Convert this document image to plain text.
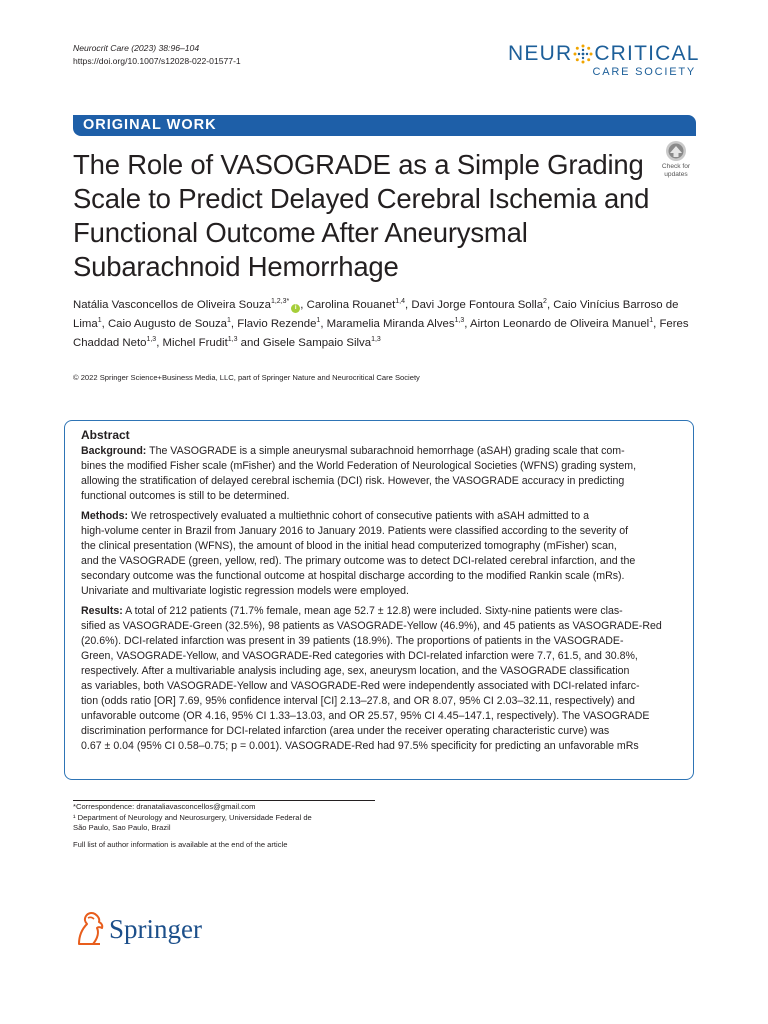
Neurocrit Care (2023) 38:96–104
https://doi.org/10.1007/s12028-022-01577-1	NEUR CRITICAL
CARE SOCIETY
ORIGINAL WORK
The Role of VASOGRADE as a Simple Grading Scale to Predict Delayed Cerebral Ischemia and Functional Outcome After Aneurysmal Subarachnoid Hemorrhage
Check for
updates
Natália Vasconcellos de Oliveira Souza$^{1,2,3*}$i , Carolina Rouanet$^{1,4}$, Davi Jorge Fontoura Solla$^2$, Caio Vinícius Barroso de Lima$^1$, Caio Augusto de Souza$^1$, Flavio Rezende$^1$, Maramelia Miranda Alves$^{1,3}$, Airton Leonardo de Oliveira Manuel$^1$, Feres Chaddad Neto$^{1,3}$, Michel Frudit$^{1,3}$ and Gisele Sampaio Silva$^{1,3}$
© 2022 Springer Science+Business Media, LLC, part of Springer Nature and Neurocritical Care Society
Abstract
Background: The VASOGRADE is a simple aneurysmal subarachnoid hemorrhage (aSAH) grading scale that com-
bines the modified Fisher scale (mFisher) and the World Federation of Neurological Societies (WFNS) grading system,
allowing the stratification of delayed cerebral ischemia (DCI) risk. However, the VASOGRADE accuracy in predicting
functional outcomes is still to be determined.
Methods: We retrospectively evaluated a multiethnic cohort of consecutive patients with aSAH admitted to a
high-volume center in Brazil from January 2016 to January 2019. Patients were classified according to the severity of
the clinical presentation (WFNS), the amount of blood in the initial head computerized tomography (mFisher) scan,
and the VASOGRADE (green, yellow, red). The primary outcome was to detect DCI-related cerebral infarction, and the
secondary outcome was the functional outcome at hospital discharge according to the modified Rankin scale (mRs).
Univariate and multivariate logistic regression models were employed.
Results: A total of 212 patients (71.7% female, mean age 52.7 ± 12.8) were included. Sixty-nine patients were clas-
sified as VASOGRADE-Green (32.5%), 98 patients as VASOGRADE-Yellow (46.9%), and 45 patients as VASOGRADE-Red
(20.6%). DCI-related infarction was present in 39 patients (18.9%). The proportions of patients in the VASOGRADE-
Green, VASOGRADE-Yellow, and VASOGRADE-Red categories with DCI-related infarction were 7.7, 61.5, and 30.8%,
respectively. After a multivariable analysis including age, sex, aneurysm location, and the VASOGRADE classification
as variables, both VASOGRADE-Yellow and VASOGRADE-Red were independently associated with DCI-related infarc-
tion (odds ratio [OR] 7.69, 95% confidence interval [CI] 2.13–27.8, and OR 8.07, 95% CI 2.03–32.11, respectively) and
unfavorable outcome (OR 4.16, 95% CI 1.33–13.03, and OR 25.57, 95% CI 4.45–147.1, respectively). The VASOGRADE
discrimination performance for DCI-related infarction (area under the receiver operating characteristic curve) was
0.67 ± 0.04 (95% CI 0.58–0.75; p = 0.001). VASOGRADE-Red had 97.5% specificity for predicting an unfavorable mRs
*Correspondence: dranataliavasconcellos@gmail.com
¹ Department of Neurology and Neurosurgery, Universidade Federal de
São Paulo, Sao Paulo, Brazil
Full list of author information is available at the end of the article
Springer
